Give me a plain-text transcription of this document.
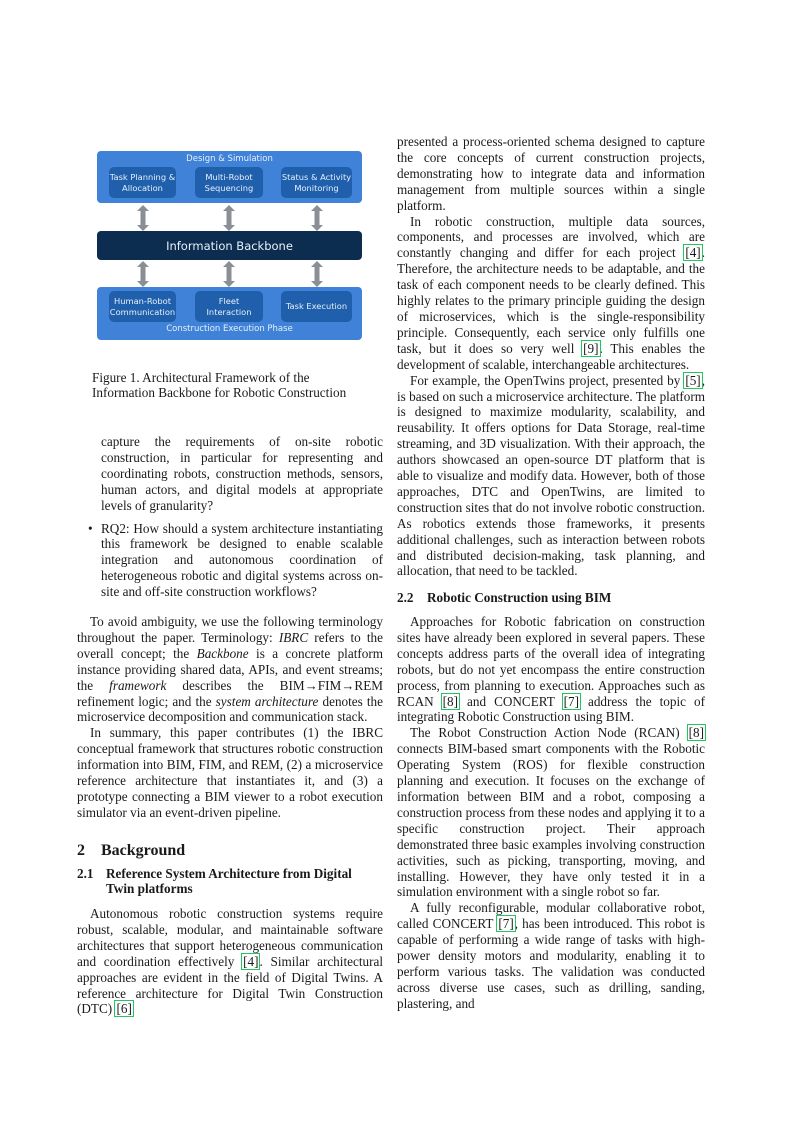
Design & Simulation
Task Planning &
Allocation
Multi-Robot
Sequencing
Status & Activity
Monitoring
Information Backbone
Human-Robot
Communication
Fleet Interaction
Task Execution
Construction Execution Phase
Figure 1. Architectural Framework of the Information Backbone for Robotic Construction
capture the requirements of on-site robotic construction, in particular for representing and coordinating robots, construction methods, sensors, human actors, and digital models at appropriate levels of granularity?
• RQ2: How should a system architecture instantiating this framework be designed to enable scalable integration and autonomous coordination of heterogeneous robotic and digital systems across on-site and off-site construction workflows?

To avoid ambiguity, we use the following terminology throughout the paper. Terminology: IBRC refers to the overall concept; the Backbone is a concrete platform instance providing shared data, APIs, and event streams; the framework describes the BIM→FIM→REM refinement logic; and the system architecture denotes the microservice decomposition and communication stack.

In summary, this paper contributes (1) the IBRC conceptual framework that structures robotic construction information into BIM, FIM, and REM, (2) a microservice reference architecture that instantiates it, and (3) a prototype connecting a BIM viewer to a robot execution simulator via an event-driven pipeline.

2 Background
2.1 Reference System Architecture from Digital Twin platforms

Autonomous robotic construction systems require robust, scalable, modular, and maintainable software architectures that support heterogeneous communication and coordination effectively [4]. Similar architectural approaches are evident in the field of Digital Twins. A reference architecture for Digital Twin Construction (DTC) [6]

presented a process-oriented schema designed to capture the core concepts of current construction projects, demonstrating how to integrate data and information management from multiple sources within a single platform.

In robotic construction, multiple data sources, components, and processes are involved, which are constantly changing and differ for each project [4]. Therefore, the architecture needs to be adaptable, and the task of each component needs to be clearly defined. This highly relates to the primary principle guiding the design of microservices, which is the single-responsibility principle. Consequently, each service only fulfills one task, but it does so very well [9]. This enables the development of scalable, interchangeable architectures.

For example, the OpenTwins project, presented by [5], is based on such a microservice architecture. The platform is designed to maximize modularity, scalability, and reusability. It offers options for Data Storage, real-time streaming, and 3D visualization. With their approach, the authors showcased an open-source DT platform that is able to visualize and modify data. However, both of those approaches, DTC and OpenTwins, are limited to construction sites that do not involve robotic construction. As robotics extends those frameworks, it presents additional challenges, such as interaction between robots and distributed decision-making, task planning, and allocation, that need to be tackled.

2.2 Robotic Construction using BIM

Approaches for Robotic fabrication on construction sites have already been explored in several papers. These concepts address parts of the overall idea of integrating robots, but do not yet encompass the entire construction process, from planning to execution. Approaches such as RCAN [8] and CONCERT [7] address the topic of integrating Robotic Construction using BIM.

The Robot Construction Action Node (RCAN) [8] connects BIM-based smart components with the Robotic Operating System (ROS) for flexible construction planning and execution. It focuses on the exchange of information between BIM and a robot, composing a construction process from these nodes and applying it to a specific construction project. Their approach demonstrated three basic examples involving construction activities, such as picking, transporting, moving, and installing. However, they have only tested it in a simulation environment with a single robot so far.

A fully reconfigurable, modular collaborative robot, called CONCERT [7], has been introduced. This robot is capable of performing a wide range of tasks with high-power density motors and modularity, enabling it to perform various tasks. The validation was conducted across diverse use cases, such as drilling, sanding, plastering, and
